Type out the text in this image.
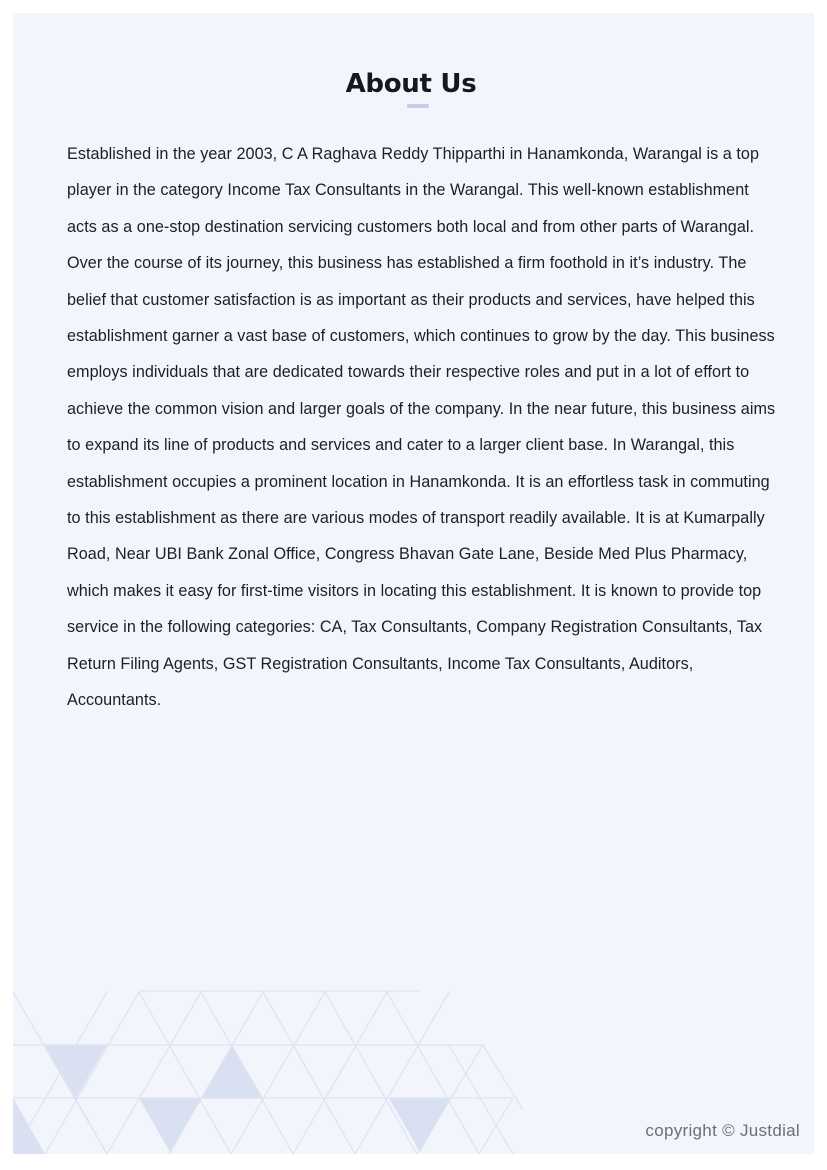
About Us

Established in the year 2003, C A Raghava Reddy Thipparthi in Hanamkonda, Warangal is a top player in the category Income Tax Consultants in the Warangal. This well-known establishment acts as a one-stop destination servicing customers both local and from other parts of Warangal. Over the course of its journey, this business has established a firm foothold in it’s industry. The belief that customer satisfaction is as important as their products and services, have helped this establishment garner a vast base of customers, which continues to grow by the day. This business employs individuals that are dedicated towards their respective roles and put in a lot of effort to achieve the common vision and larger goals of the company. In the near future, this business aims to expand its line of products and services and cater to a larger client base. In Warangal, this establishment occupies a prominent location in Hanamkonda. It is an effortless task in commuting to this establishment as there are various modes of transport readily available. It is at Kumarpally Road, Near UBI Bank Zonal Office, Congress Bhavan Gate Lane, Beside Med Plus Pharmacy, which makes it easy for first-time visitors in locating this establishment. It is known to provide top service in the following categories: CA, Tax Consultants, Company Registration Consultants, Tax Return Filing Agents, GST Registration Consultants, Income Tax Consultants, Auditors, Accountants.

copyright © Justdial
